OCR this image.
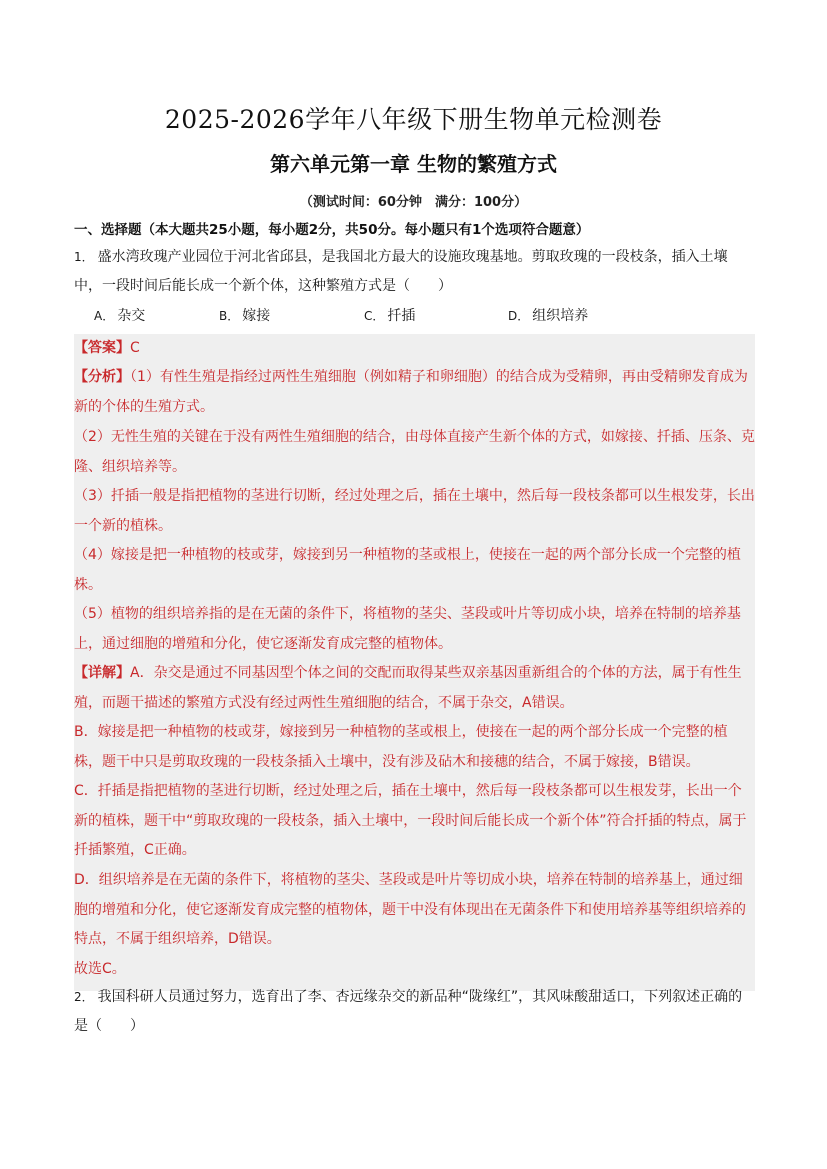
2025-2026学年八年级下册生物单元检测卷
第六单元第一章 生物的繁殖方式
（测试时间：60分钟　满分：100分）
一、选择题（本大题共25小题，每小题2分，共50分。每小题只有1个选项符合题意）
1． 盛水湾玫瑰产业园位于河北省邱县，是我国北方最大的设施玫瑰基地。剪取玫瑰的一段枝条，插入土壤中，一段时间后能长成一个新个体，这种繁殖方式是（　　）
A． 杂交	B． 嫁接	C． 扦插	D． 组织培养
【答案】C
【分析】（1）有性生殖是指经过两性生殖细胞（例如精子和卵细胞）的结合成为受精卵，再由受精卵发育成为新的个体的生殖方式。
（2）无性生殖的关键在于没有两性生殖细胞的结合，由母体直接产生新个体的方式，如嫁接、扦插、压条、克隆、组织培养等。
（3）扦插一般是指把植物的茎进行切断，经过处理之后，插在土壤中，然后每一段枝条都可以生根发芽，长出一个新的植株。
（4）嫁接是把一种植物的枝或芽，嫁接到另一种植物的茎或根上，使接在一起的两个部分长成一个完整的植株。
（5）植物的组织培养指的是在无菌的条件下，将植物的茎尖、茎段或叶片等切成小块，培养在特制的培养基上，通过细胞的增殖和分化，使它逐渐发育成完整的植物体。
【详解】A．杂交是通过不同基因型个体之间的交配而取得某些双亲基因重新组合的个体的方法，属于有性生殖，而题干描述的繁殖方式没有经过两性生殖细胞的结合，不属于杂交，A错误。
B．嫁接是把一种植物的枝或芽，嫁接到另一种植物的茎或根上，使接在一起的两个部分长成一个完整的植株，题干中只是剪取玫瑰的一段枝条插入土壤中，没有涉及砧木和接穗的结合，不属于嫁接，B错误。
C．扦插是指把植物的茎进行切断，经过处理之后，插在土壤中，然后每一段枝条都可以生根发芽，长出一个新的植株，题干中“剪取玫瑰的一段枝条，插入土壤中，一段时间后能长成一个新个体”符合扦插的特点，属于扦插繁殖，C正确。
D．组织培养是在无菌的条件下，将植物的茎尖、茎段或是叶片等切成小块，培养在特制的培养基上，通过细胞的增殖和分化，使它逐渐发育成完整的植物体，题干中没有体现出在无菌条件下和使用培养基等组织培养的特点，不属于组织培养，D错误。
故选C。
2． 我国科研人员通过努力，选育出了李、杏远缘杂交的新品种“陇缘红”，其风味酸甜适口，下列叙述正确的是（　　）
